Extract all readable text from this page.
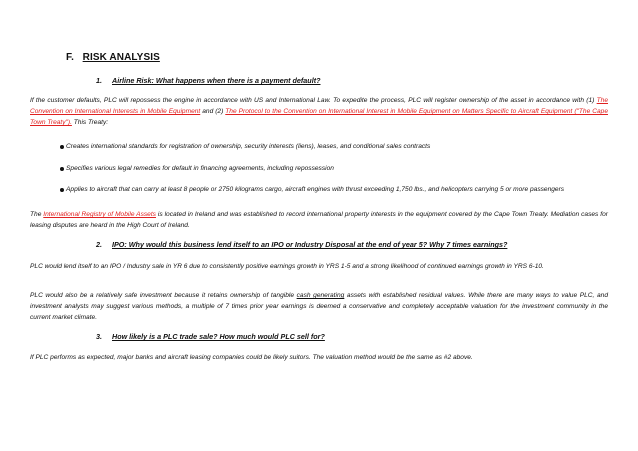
F. RISK ANALYSIS
1. Airline Risk: What happens when there is a payment default?
If the customer defaults, PLC will repossess the engine in accordance with US and International Law. To expedite the process, PLC will register ownership of the asset in accordance with (1) The Convention on International Interests in Mobile Equipment and (2) The Protocol to the Convention on International Interest in Mobile Equipment on Matters Specific to Aircraft Equipment ("The Cape Town Treaty"). This Treaty:
Creates international standards for registration of ownership, security interests (liens), leases, and conditional sales contracts
Specifies various legal remedies for default in financing agreements, including repossession
Applies to aircraft that can carry at least 8 people or 2750 kilograms cargo, aircraft engines with thrust exceeding 1,750 lbs., and helicopters carrying 5 or more passengers
The International Registry of Mobile Assets is located in Ireland and was established to record international property interests in the equipment covered by the Cape Town Treaty. Mediation cases for leasing disputes are heard in the High Court of Ireland.
2. IPO: Why would this business lend itself to an IPO or Industry Disposal at the end of year 5? Why 7 times earnings?
PLC would lend itself to an IPO / Industry sale in YR 6 due to consistently positive earnings growth in YRS 1-5 and a strong likelihood of continued earnings growth in YRS 6-10.
PLC would also be a relatively safe investment because it retains ownership of tangible cash generating assets with established residual values. While there are many ways to value PLC, and investment analysts may suggest various methods, a multiple of 7 times prior year earnings is deemed a conservative and completely acceptable valuation for the investment community in the current market climate.
3. How likely is a PLC trade sale? How much would PLC sell for?
If PLC performs as expected, major banks and aircraft leasing companies could be likely suitors. The valuation method would be the same as #2 above.
